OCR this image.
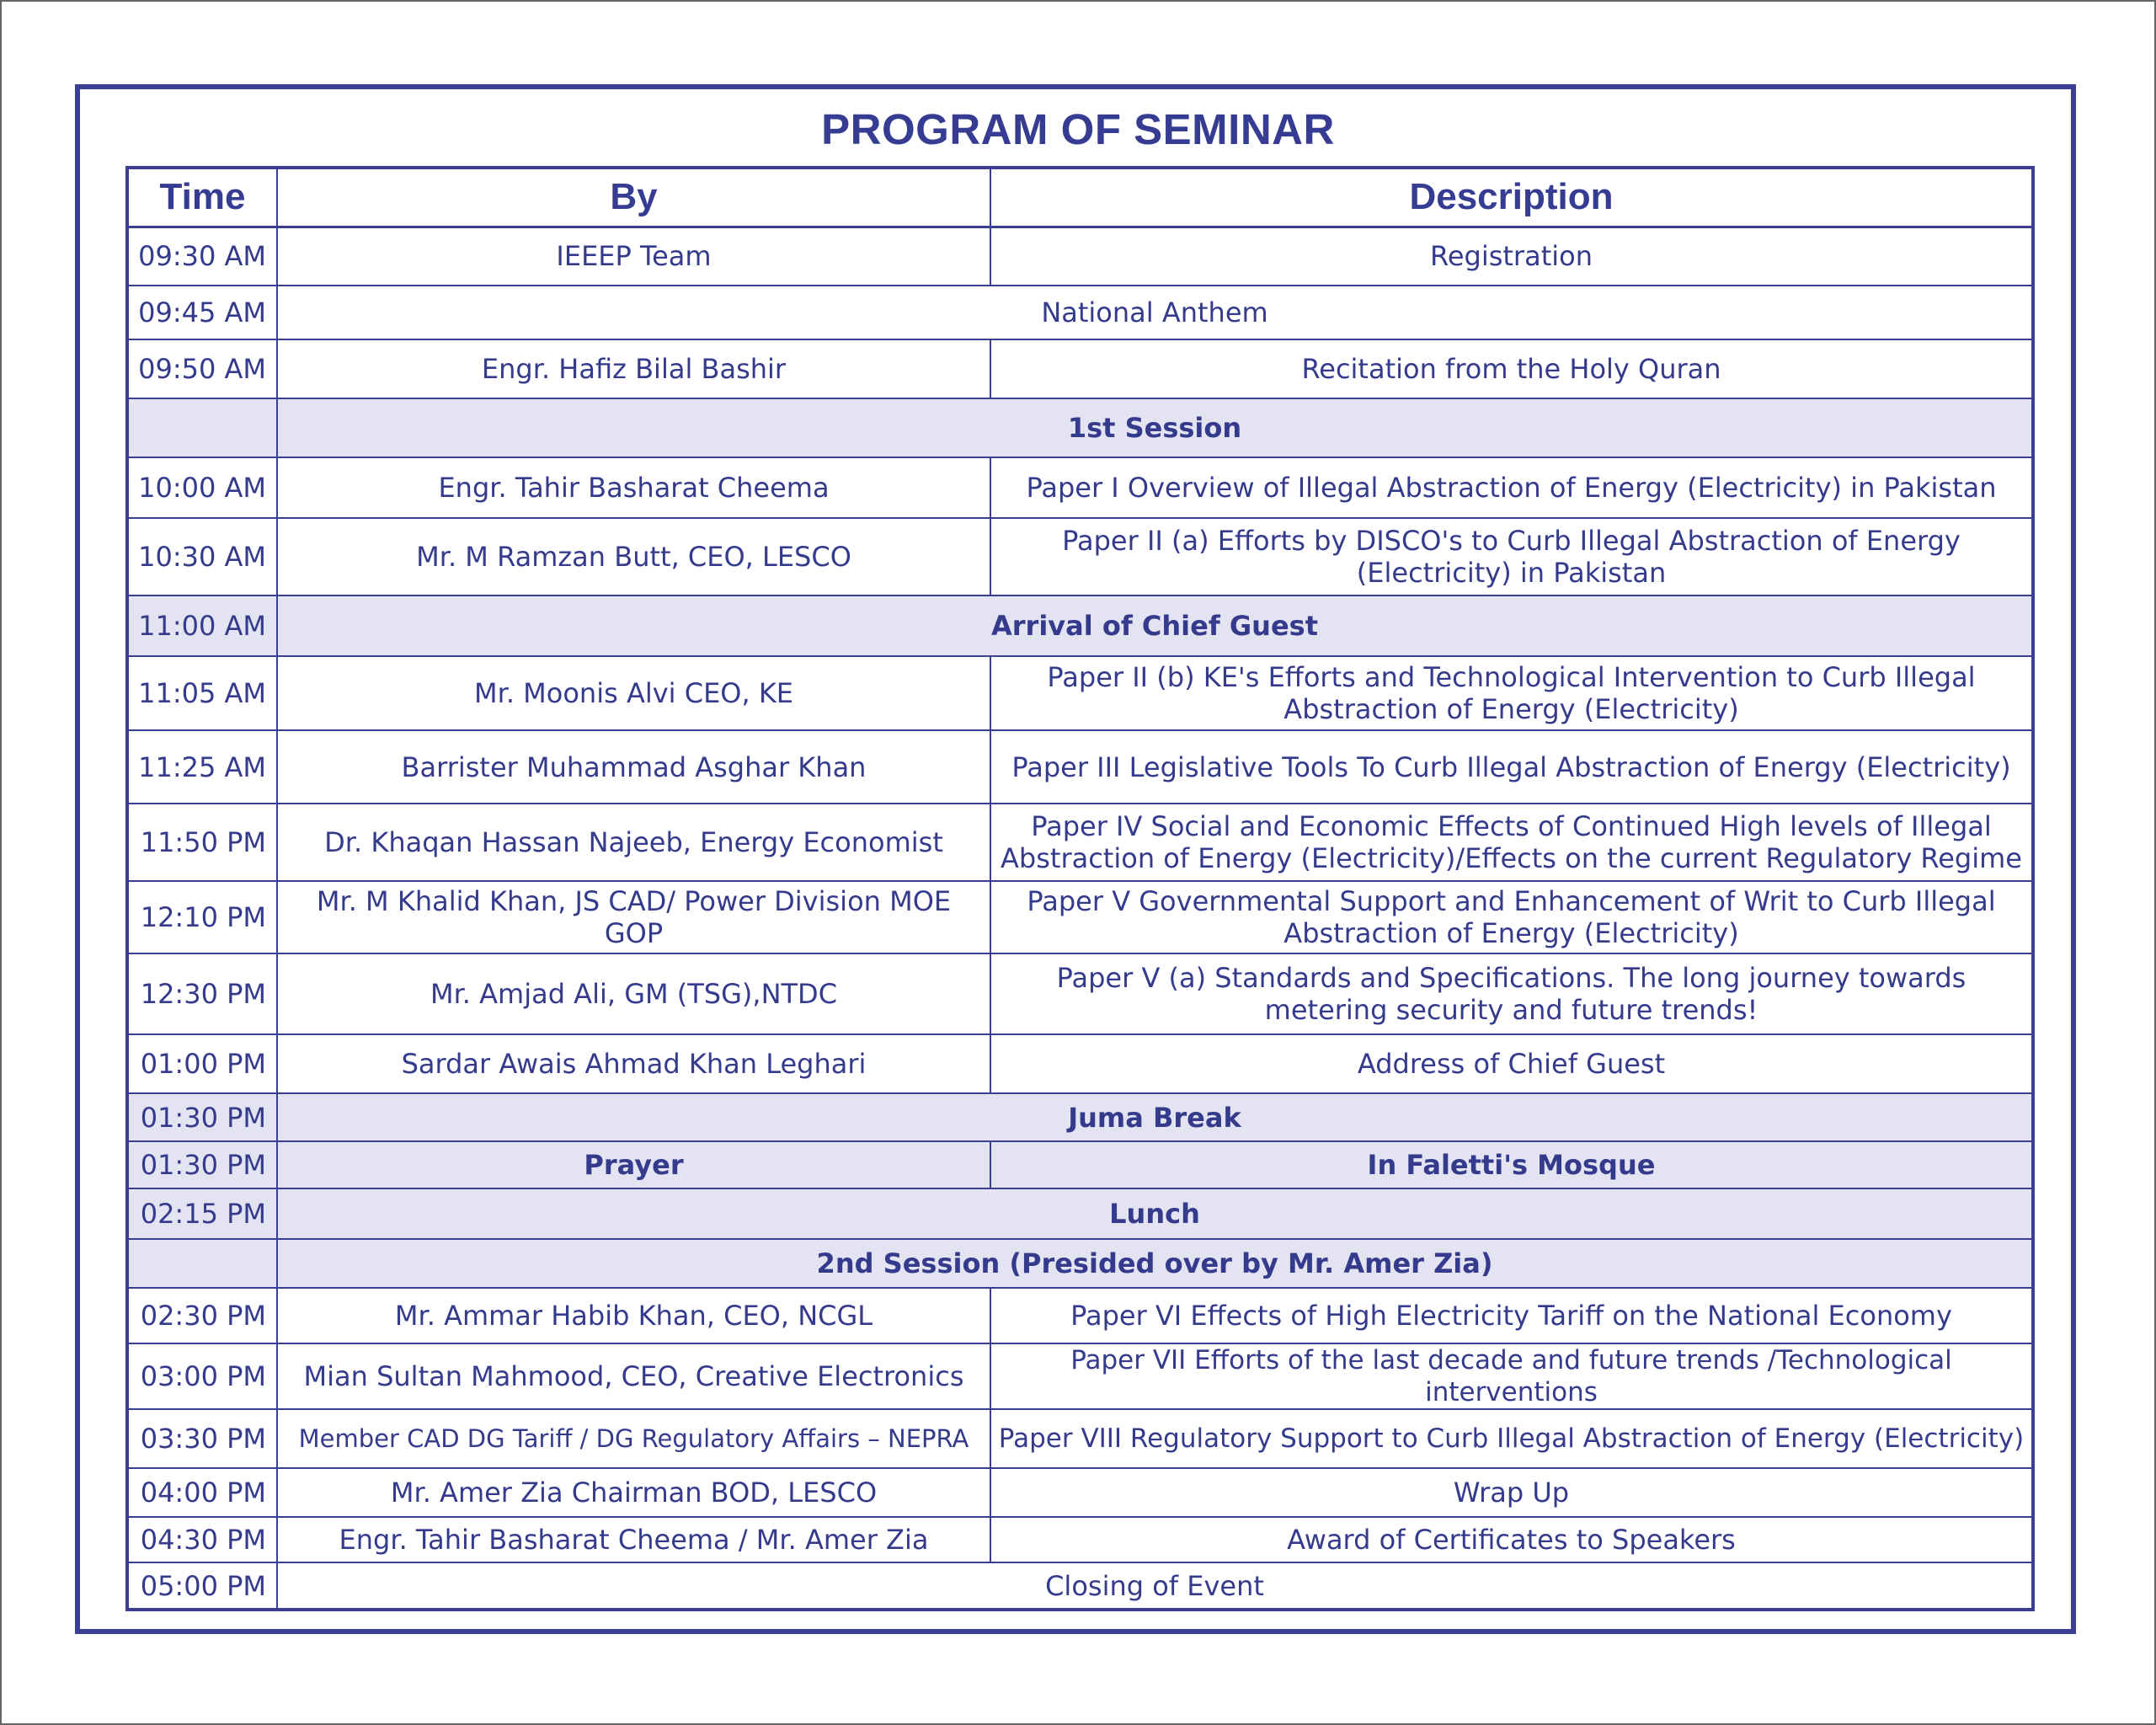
PROGRAM OF SEMINAR
Time	By	Description
09:30 AM	IEEEP Team	Registration
09:45 AM	National Anthem	
09:50 AM	Engr. Hafiz Bilal Bashir	Recitation from the Holy Quran
	1st Session	
10:00 AM	Engr. Tahir Basharat Cheema	Paper I Overview of Illegal Abstraction of Energy (Electricity) in Pakistan
10:30 AM	Mr. M Ramzan Butt, CEO, LESCO	Paper II (a) Efforts by DISCO's to Curb Illegal Abstraction of Energy (Electricity) in Pakistan
11:00 AM	Arrival of Chief Guest	
11:05 AM	Mr. Moonis Alvi CEO, KE	Paper II (b) KE's Efforts and Technological Intervention to Curb Illegal Abstraction of Energy (Electricity)
11:25 AM	Barrister Muhammad Asghar Khan	Paper III Legislative Tools To Curb Illegal Abstraction of Energy (Electricity)
11:50 PM	Dr. Khaqan Hassan Najeeb, Energy Economist	Paper IV Social and Economic Effects of Continued High levels of Illegal Abstraction of Energy (Electricity)/Effects on the current Regulatory Regime
12:10 PM	Mr. M Khalid Khan, JS CAD/ Power Division MOE GOP	Paper V Governmental Support and Enhancement of Writ to Curb Illegal Abstraction of Energy (Electricity)
12:30 PM	Mr. Amjad Ali, GM (TSG),NTDC	Paper V (a) Standards and Specifications. The long journey towards metering security and future trends!
01:00 PM	Sardar Awais Ahmad Khan Leghari	Address of Chief Guest
01:30 PM	Juma Break	
01:30 PM	Prayer	In Faletti's Mosque
02:15 PM	Lunch	
	2nd Session (Presided over by Mr. Amer Zia)	
02:30 PM	Mr. Ammar Habib Khan, CEO, NCGL	Paper VI Effects of High Electricity Tariff on the National Economy
03:00 PM	Mian Sultan Mahmood, CEO, Creative Electronics	Paper VII Efforts of the last decade and future trends /Technological interventions
03:30 PM	Member CAD DG Tariff / DG Regulatory Affairs – NEPRA	Paper VIII Regulatory Support to Curb Illegal Abstraction of Energy (Electricity)
04:00 PM	Mr. Amer Zia Chairman BOD, LESCO	Wrap Up
04:30 PM	Engr. Tahir Basharat Cheema / Mr. Amer Zia	Award of Certificates to Speakers
05:00 PM	Closing of Event	
